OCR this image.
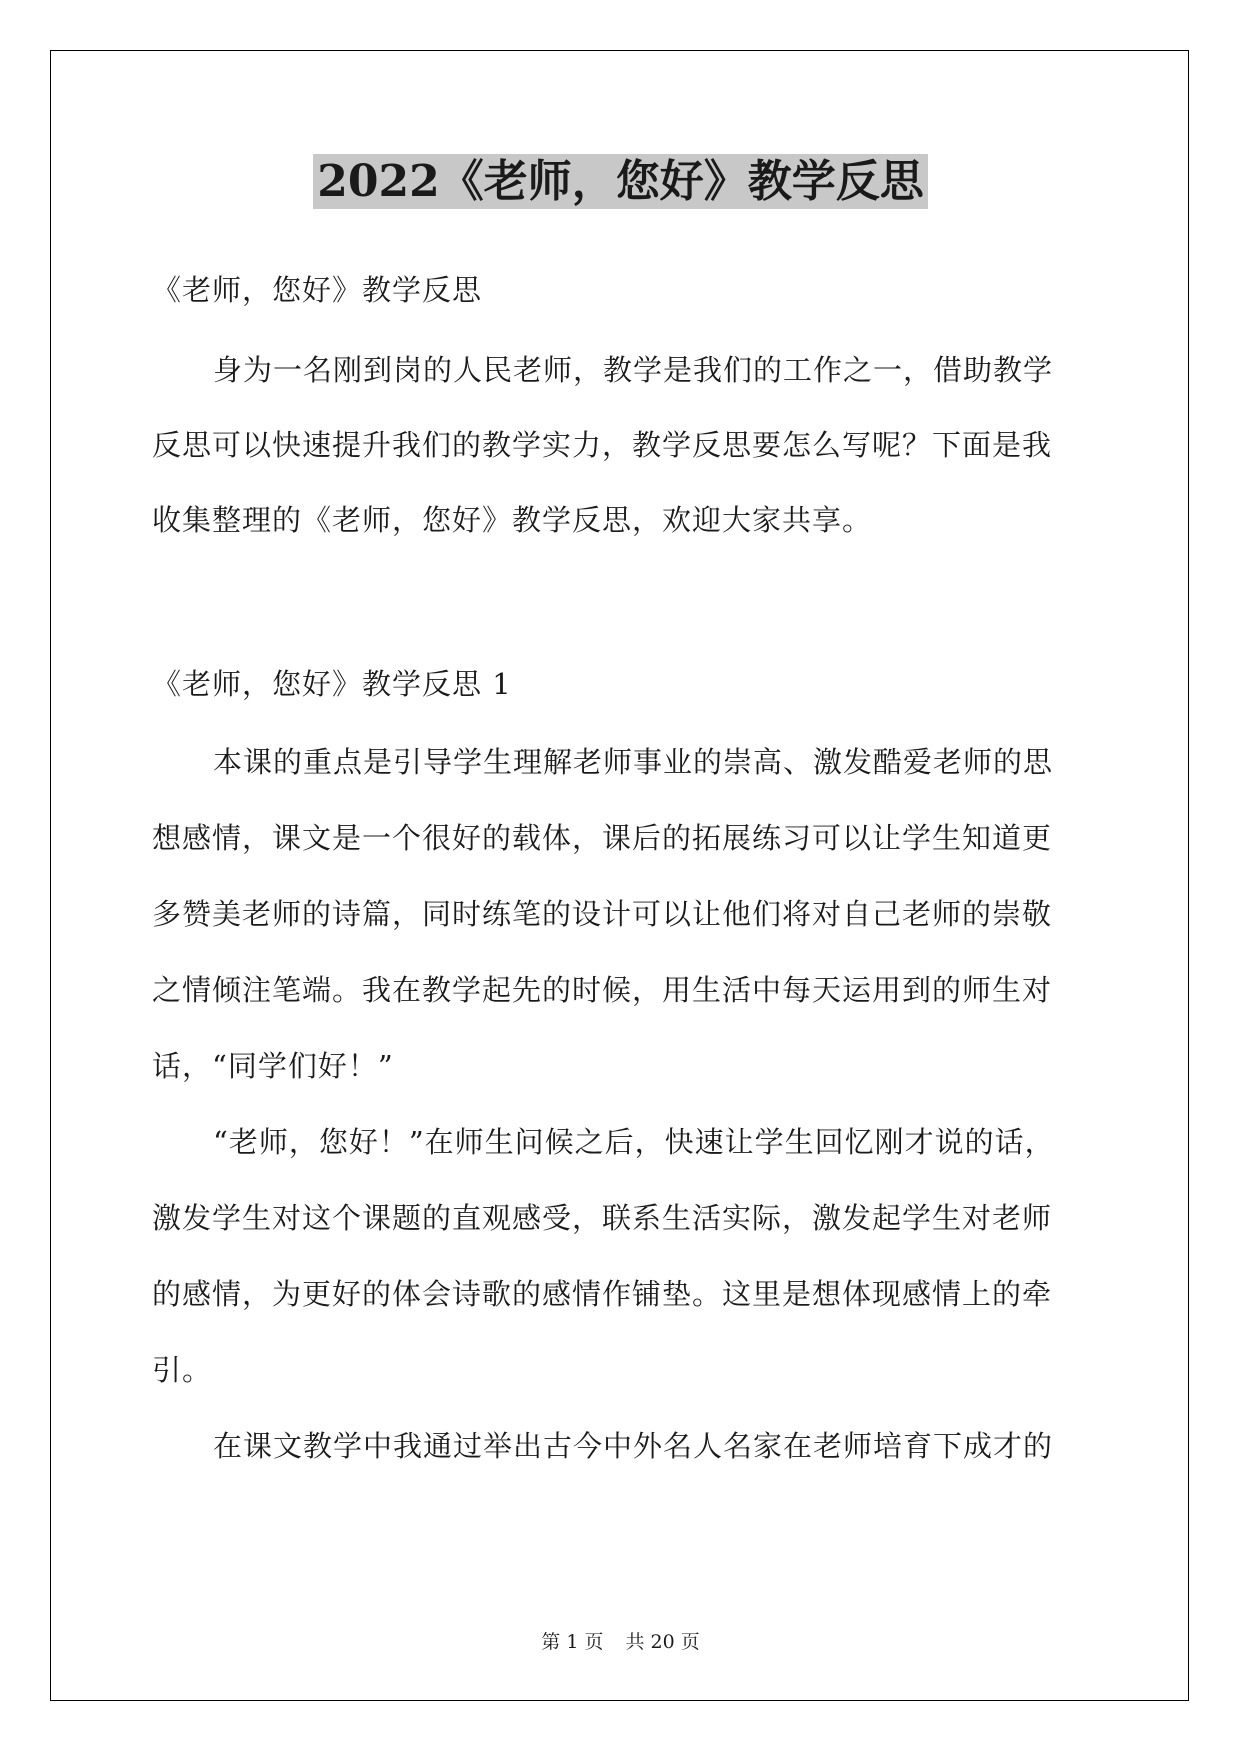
2022《老师，您好》教学反思
《老师，您好》教学反思
身为一名刚到岗的人民老师，教学是我们的工作之一，借助教学
反思可以快速提升我们的教学实力，教学反思要怎么写呢？下面是我
收集整理的《老师，您好》教学反思，欢迎大家共享。
《老师，您好》教学反思 1
本课的重点是引导学生理解老师事业的崇高、激发酷爱老师的思
想感情，课文是一个很好的载体，课后的拓展练习可以让学生知道更
多赞美老师的诗篇，同时练笔的设计可以让他们将对自己老师的崇敬
之情倾注笔端。我在教学起先的时候，用生活中每天运用到的师生对
话，“同学们好！”
“老师，您好！”在师生问候之后，快速让学生回忆刚才说的话，
激发学生对这个课题的直观感受，联系生活实际，激发起学生对老师
的感情，为更好的体会诗歌的感情作铺垫。这里是想体现感情上的牵
引。
在课文教学中我通过举出古今中外名人名家在老师培育下成才的
第 1 页 共 20 页
